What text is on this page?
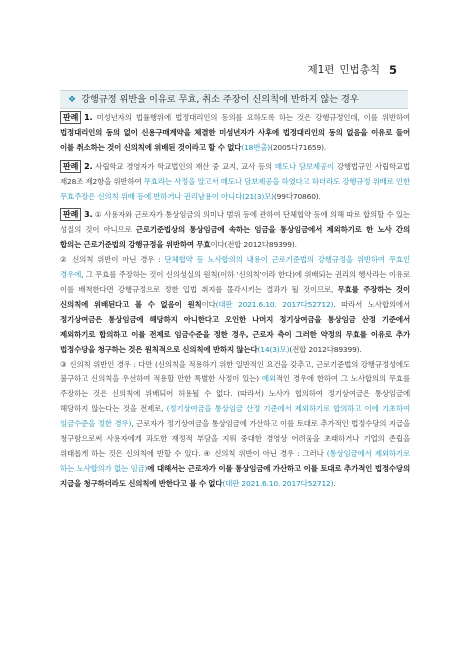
제1편 민법총칙 5
❖ 강행규정 위반을 이유로 무효, 취소 주장이 신의칙에 반하지 않는 경우

판례 1. 미성년자의 법률행위에 법정대리인의 동의를 요하도록 하는 것은 강행규정인데, 이를 위반하여 법정대리인의 동의 없이 신용구매계약을 체결한 미성년자가 사후에 법정대리인의 동의 없음을 이유로 들어 이를 취소하는 것이 신의칙에 위배된 것이라고 할 수 없다(18번출)(2005다71659).

판례 2. 사립학교 경영자가 학교법인의 재산 중 교지, 교사 등의 매도나 담보제공이 강행법규인 사립학교법 제28조 제2항을 위반하여 무효라는 사정을 알고서 매도나 담보제공을 하였다고 하더라도 강행규정 위배로 인한 무효주장은 신의칙 위배 등에 반하거나 권리남용이 아니다(21(3)모)(99다70860).

판례 3. ① 사용자와 근로자가 통상임금의 의미나 범위 등에 관하여 단체협약 등에 의해 따로 합의할 수 있는 성질의 것이 아니므로 근로기준법상의 통상임금에 속하는 임금을 통상임금에서 제외하기로 한 노사 간의 합의는 근로기준법의 강행규정을 위반하여 무효이다(전합 2012다89399).
② 신의칙 위반이 아닌 경우 : 단체협약 등 노사합의의 내용이 근로기준법의 강행규정을 위반하여 무효인 경우에, 그 무효를 주장하는 것이 신의성실의 원칙(이하 '신의칙'이라 한다)에 위배되는 권리의 행사라는 이유로 이를 배척한다면 강행규정으로 정한 입법 취지를 몰각시키는 결과가 될 것이므로, 무효를 주장하는 것이 신의칙에 위배된다고 볼 수 없음이 원칙이다(대판 2021.6.10. 2017다52712). 따라서 노사합의에서 정기상여금은 통상임금에 해당하지 아니한다고 오인한 나머지 정기상여금을 통상임금 산정 기준에서 제외하기로 합의하고 이를 전제로 임금수준을 정한 경우, 근로자 측이 그러한 약정의 무효를 이유로 추가 법정수당을 청구하는 것은 원칙적으로 신의칙에 반하지 않는다(14(3)모)(전합 2012다89399).
③ 신의칙 위반인 경우 : 다만 (신의칙을 적용하기 위한 일반적인 요건을 갖추고, 근로기준법의 강행규정성에도 불구하고 신의칙을 우선하여 적용할 만한 특별한 사정이 있는) 예외적인 경우에 한하여 그 노사합의의 무효를 주장하는 것은 신의칙에 위배되어 허용될 수 없다. (따라서) 노사가 협의하여 정기상여금은 통상임금에 해당하지 않는다는 것을 전제로, (정기상여금을 통상임금 산정 기준에서 제외하기로 합의하고 이에 기초하여 임금수준을 정한 경우), 근로자가 정기상여금을 통상임금에 가산하고 이를 토대로 추가적인 법정수당의 지급을 청구함으로써 사용자에게 과도한 재정적 부담을 지워 중대한 경영상 어려움을 초래하거나 기업의 존립을 위태롭게 하는 것은 신의칙에 반할 수 있다. ④ 신의칙 위반이 아닌 경우 : 그러나 (통상임금에서 제외하기로 하는 노사합의가 없는 임금)에 대해서는 근로자가 이를 통상임금에 가산하고 이를 토대로 추가적인 법정수당의 지급을 청구하더라도 신의칙에 반한다고 볼 수 없다(대판 2021.6.10. 2017다52712).
